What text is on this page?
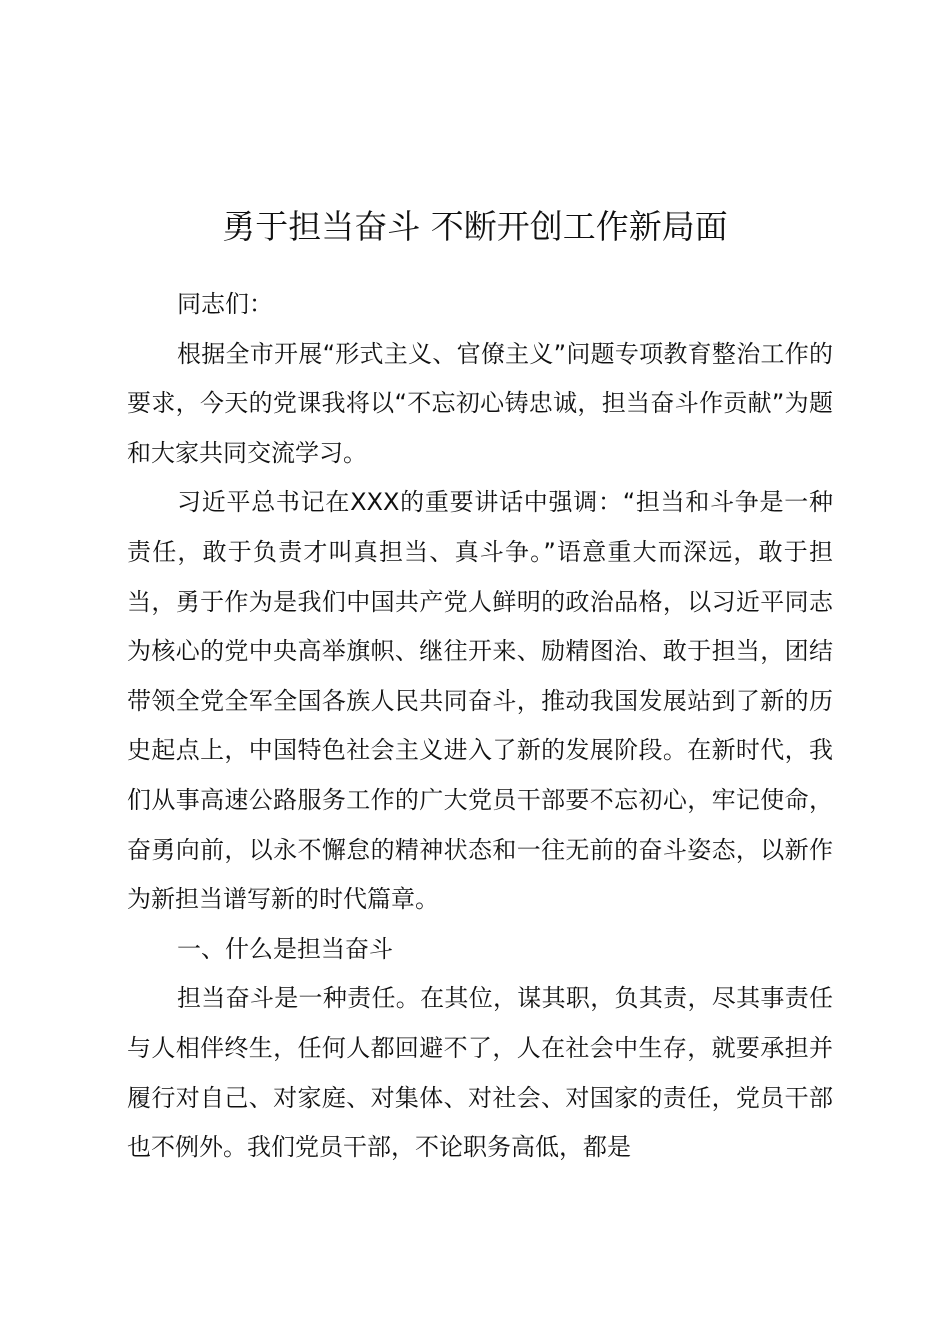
勇于担当奋斗 不断开创工作新局面

同志们：

根据全市开展“形式主义、官僚主义”问题专项教育整治工作的要求，今天的党课我将以“不忘初心铸忠诚，担当奋斗作贡献”为题和大家共同交流学习。

习近平总书记在XXX的重要讲话中强调：“担当和斗争是一种责任，敢于负责才叫真担当、真斗争。”语意重大而深远，敢于担当，勇于作为是我们中国共产党人鲜明的政治品格，以习近平同志为核心的党中央高举旗帜、继往开来、励精图治、敢于担当，团结带领全党全军全国各族人民共同奋斗，推动我国发展站到了新的历史起点上，中国特色社会主义进入了新的发展阶段。在新时代，我们从事高速公路服务工作的广大党员干部要不忘初心，牢记使命，奋勇向前，以永不懈怠的精神状态和一往无前的奋斗姿态，以新作为新担当谱写新的时代篇章。

一、什么是担当奋斗

担当奋斗是一种责任。在其位，谋其职，负其责，尽其事责任与人相伴终生，任何人都回避不了，人在社会中生存，就要承担并履行对自己、对家庭、对集体、对社会、对国家的责任，党员干部也不例外。我们党员干部，不论职务高低，都是
